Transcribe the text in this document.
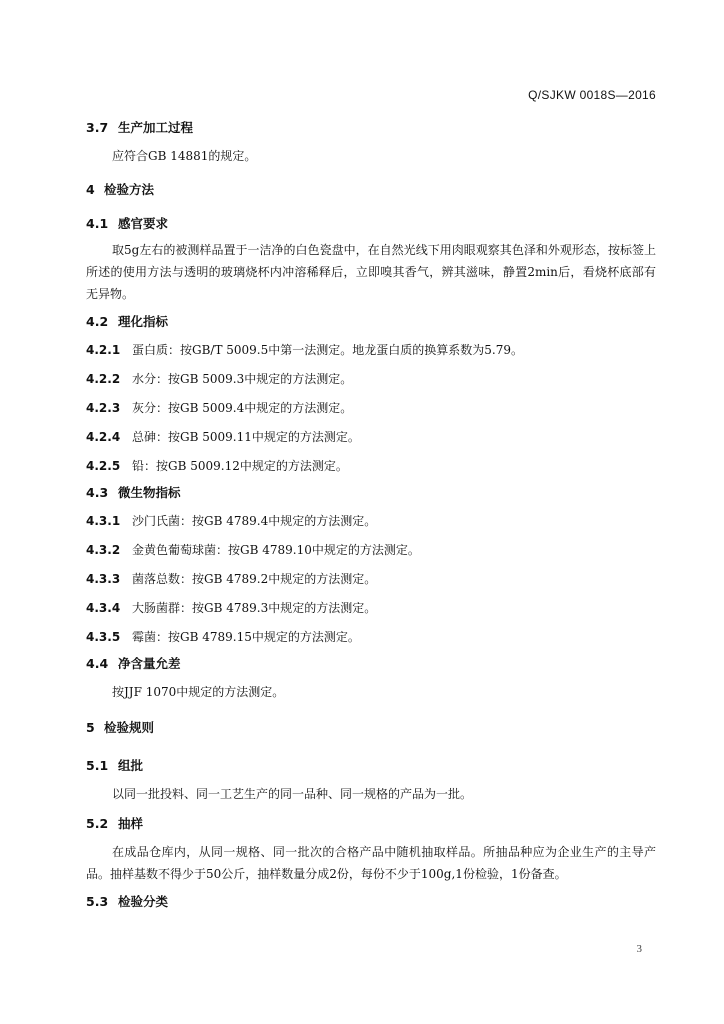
Q/SJKW 0018S—2016
3.7 生产加工过程
应符合GB 14881的规定。
4 检验方法
4.1 感官要求
取5g左右的被测样品置于一洁净的白色瓷盘中，在自然光线下用肉眼观察其色泽和外观形态，按标签上所述的使用方法与透明的玻璃烧杯内冲溶稀释后，立即嗅其香气，辨其滋味，静置2min后，看烧杯底部有无异物。
4.2 理化指标
4.2.1 蛋白质：按GB/T 5009.5中第一法测定。地龙蛋白质的换算系数为5.79。
4.2.2 水分：按GB 5009.3中规定的方法测定。
4.2.3 灰分：按GB 5009.4中规定的方法测定。
4.2.4 总砷：按GB 5009.11中规定的方法测定。
4.2.5 铅：按GB 5009.12中规定的方法测定。
4.3 微生物指标
4.3.1 沙门氏菌：按GB 4789.4中规定的方法测定。
4.3.2 金黄色葡萄球菌：按GB 4789.10中规定的方法测定。
4.3.3 菌落总数：按GB 4789.2中规定的方法测定。
4.3.4 大肠菌群：按GB 4789.3中规定的方法测定。
4.3.5 霉菌：按GB 4789.15中规定的方法测定。
4.4 净含量允差
按JJF 1070中规定的方法测定。
5 检验规则
5.1 组批
以同一批投料、同一工艺生产的同一品种、同一规格的产品为一批。
5.2 抽样
在成品仓库内，从同一规格、同一批次的合格产品中随机抽取样品。所抽品种应为企业生产的主导产品。抽样基数不得少于50公斤，抽样数量分成2份，每份不少于100g,1份检验，1份备查。
5.3 检验分类
3
